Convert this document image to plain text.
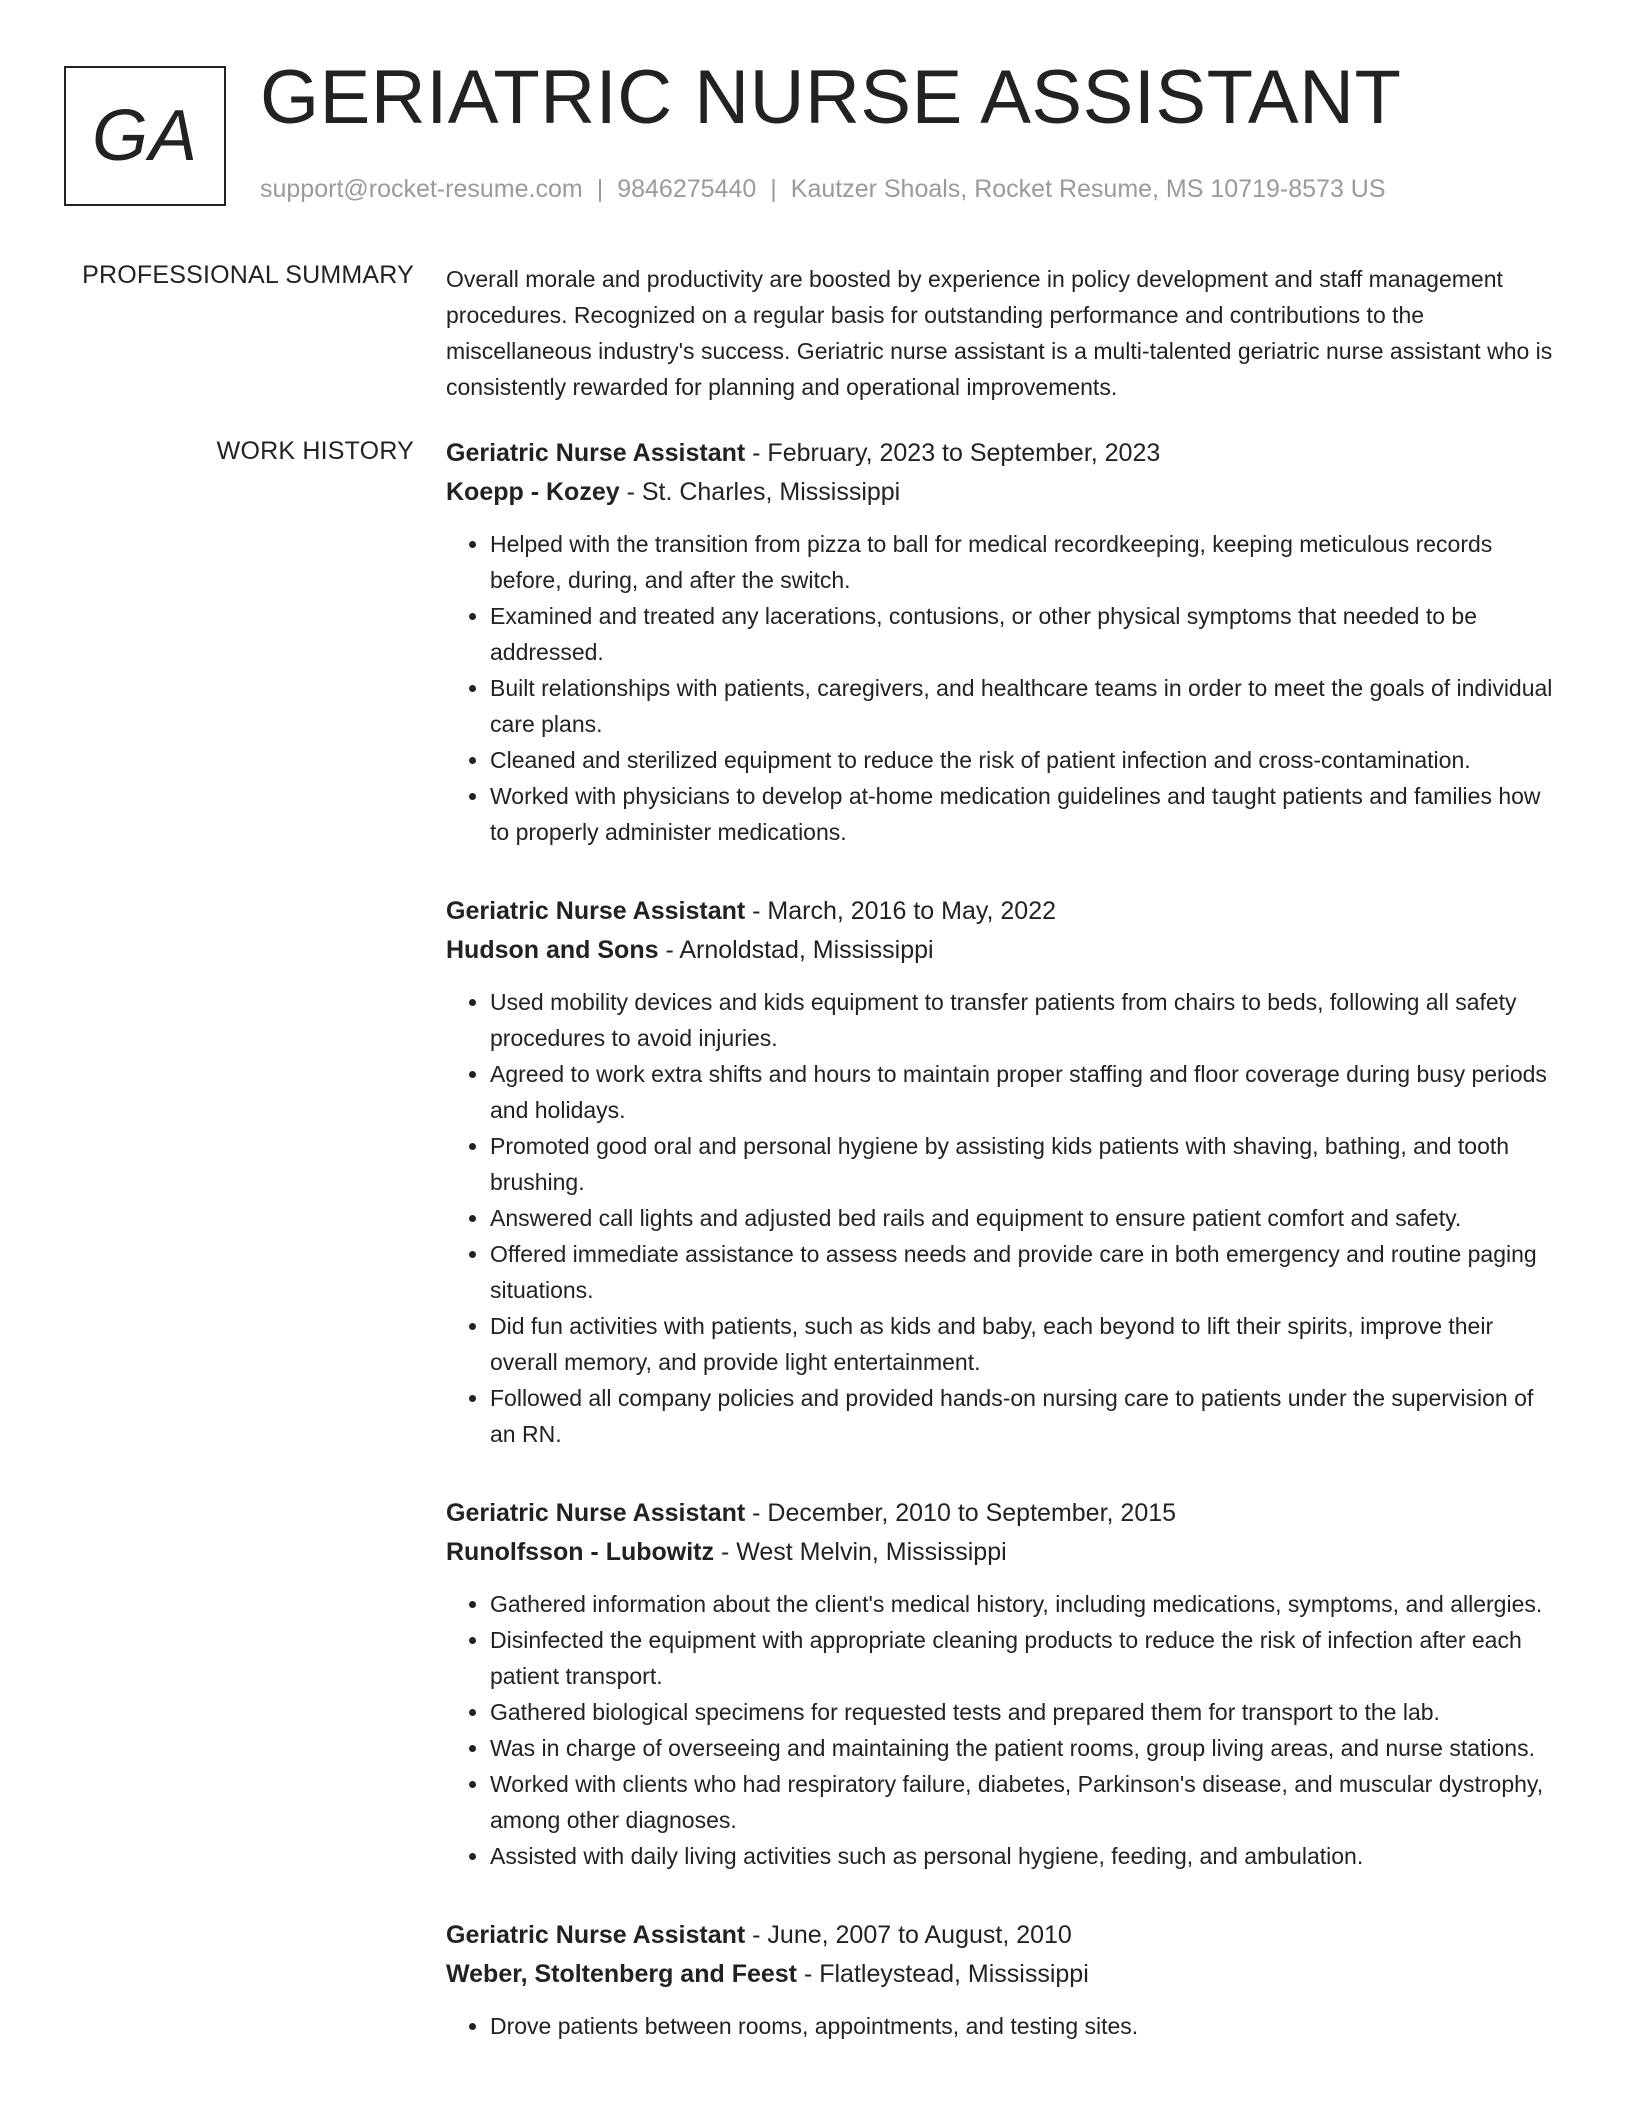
GA GERIATRIC NURSE ASSISTANT
support@rocket-resume.com | 9846275440 | Kautzer Shoals, Rocket Resume, MS 10719-8573 US
PROFESSIONAL SUMMARY Overall morale and productivity are boosted by experience in policy development and staff management procedures. Recognized on a regular basis for outstanding performance and contributions to the miscellaneous industry's success. Geriatric nurse assistant is a multi-talented geriatric nurse assistant who is consistently rewarded for planning and operational improvements.

WORK HISTORY Geriatric Nurse Assistant - February, 2023 to September, 2023
Koepp - Kozey - St. Charles, Mississippi
• Helped with the transition from pizza to ball for medical recordkeeping, keeping meticulous records before, during, and after the switch.
• Examined and treated any lacerations, contusions, or other physical symptoms that needed to be addressed.
• Built relationships with patients, caregivers, and healthcare teams in order to meet the goals of individual care plans.
• Cleaned and sterilized equipment to reduce the risk of patient infection and cross-contamination.
• Worked with physicians to develop at-home medication guidelines and taught patients and families how to properly administer medications.
Geriatric Nurse Assistant - March, 2016 to May, 2022
Hudson and Sons - Arnoldstad, Mississippi
• Used mobility devices and kids equipment to transfer patients from chairs to beds, following all safety procedures to avoid injuries.
• Agreed to work extra shifts and hours to maintain proper staffing and floor coverage during busy periods and holidays.
• Promoted good oral and personal hygiene by assisting kids patients with shaving, bathing, and tooth brushing.
• Answered call lights and adjusted bed rails and equipment to ensure patient comfort and safety.
• Offered immediate assistance to assess needs and provide care in both emergency and routine paging situations.
• Did fun activities with patients, such as kids and baby, each beyond to lift their spirits, improve their overall memory, and provide light entertainment.
• Followed all company policies and provided hands-on nursing care to patients under the supervision of an RN.
Geriatric Nurse Assistant - December, 2010 to September, 2015
Runolfsson - Lubowitz - West Melvin, Mississippi
• Gathered information about the client's medical history, including medications, symptoms, and allergies.
• Disinfected the equipment with appropriate cleaning products to reduce the risk of infection after each patient transport.
• Gathered biological specimens for requested tests and prepared them for transport to the lab.
• Was in charge of overseeing and maintaining the patient rooms, group living areas, and nurse stations.
• Worked with clients who had respiratory failure, diabetes, Parkinson's disease, and muscular dystrophy, among other diagnoses.
• Assisted with daily living activities such as personal hygiene, feeding, and ambulation.
Geriatric Nurse Assistant - June, 2007 to August, 2010
Weber, Stoltenberg and Feest - Flatleystead, Mississippi
• Drove patients between rooms, appointments, and testing sites.
